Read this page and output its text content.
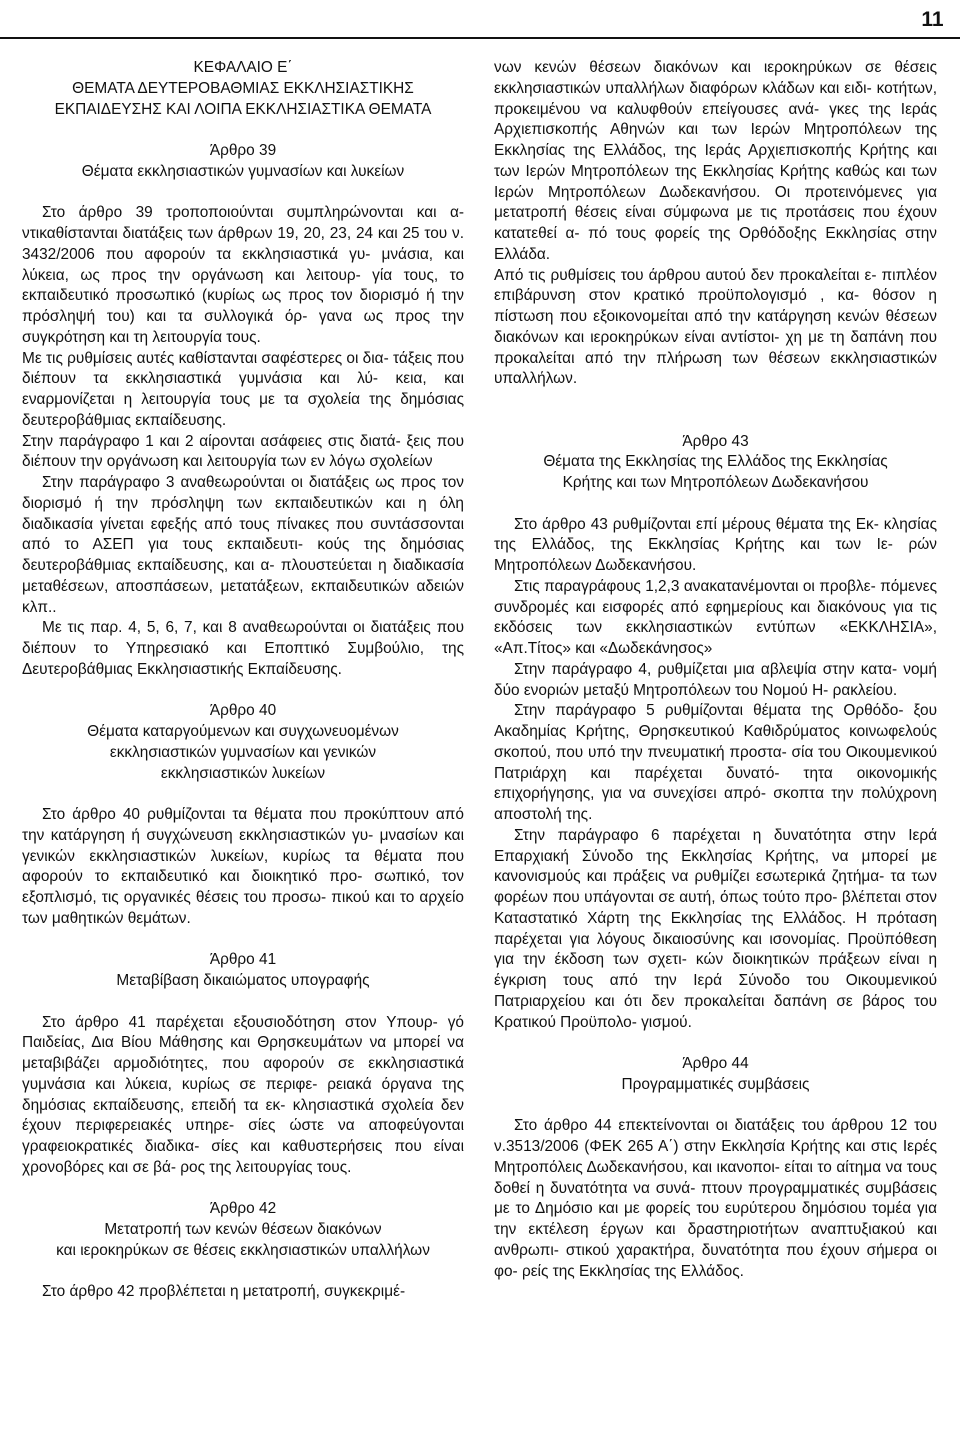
11
ΚΕΦΑΛΑΙΟ Ε΄
ΘΕΜΑΤΑ ΔΕΥΤΕΡΟΒΑΘΜΙΑΣ ΕΚΚΛΗΣΙΑΣΤΙΚΗΣ
ΕΚΠΑΙΔΕΥΣΗΣ ΚΑΙ ΛΟΙΠΑ ΕΚΚΛΗΣΙΑΣΤΙΚΑ ΘΕΜΑΤΑ
Άρθρο 39
Θέματα εκκλησιαστικών γυμνασίων και λυκείων

Στο άρθρο 39 τροποποιούνται συμπληρώνονται και α- ντικαθίστανται διατάξεις των άρθρων 19, 20, 23, 24 και 25 του ν. 3432/2006 που αφορούν τα εκκλησιαστικά γυ- μνάσια, και λύκεια, ως προς την οργάνωση και λειτουρ- γία τους, το εκπαιδευτικό προσωπικό (κυρίως ως προς τον διορισμό ή την πρόσληψή του) και τα συλλογικά όρ- γανα ως προς την συγκρότηση και τη λειτουργία τους.

Με τις ρυθμίσεις αυτές καθίστανται σαφέστερες οι δια- τάξεις που διέπουν τα εκκλησιαστικά γυμνάσια και λύ- κεια, και εναρμονίζεται η λειτουργία τους με τα σχολεία της δημόσιας δευτεροβάθμιας εκπαίδευσης.

Στην παράγραφο 1 και 2 αίρονται ασάφειες στις διατά- ξεις που διέπουν την οργάνωση και λειτουργία των εν λόγω σχολείων

Στην παράγραφο 3 αναθεωρούνται οι διατάξεις ως προς τον διορισμό ή την πρόσληψη των εκπαιδευτικών και η όλη διαδικασία γίνεται εφεξής από τους πίνακες που συντάσσονται από το ΑΣΕΠ για τους εκπαιδευτι- κούς της δημόσιας δευτεροβάθμιας εκπαίδευσης, και α- πλουστεύεται η διαδικασία μεταθέσεων, αποσπάσεων, μετατάξεων, εκπαιδευτικών αδειών κλπ..

Με τις παρ. 4, 5, 6, 7, και 8 αναθεωρούνται οι διατάξεις που διέπουν το Υπηρεσιακό και Εποπτικό Συμβούλιο, της Δευτεροβάθμιας Εκκλησιαστικής Εκπαίδευσης.

Άρθρο 40
Θέματα καταργούμενων και συγχωνευομένων
εκκλησιαστικών γυμνασίων και γενικών
εκκλησιαστικών λυκείων

Στο άρθρο 40 ρυθμίζονται τα θέματα που προκύπτουν από την κατάργηση ή συγχώνευση εκκλησιαστικών γυ- μνασίων και γενικών εκκλησιαστικών λυκείων, κυρίως τα θέματα που αφορούν το εκπαιδευτικό και διοικητικό προ- σωπικό, τον εξοπλισμό, τις οργανικές θέσεις του προσω- πικού και το αρχείο των μαθητικών θεμάτων.

Άρθρο 41
Μεταβίβαση δικαιώματος υπογραφής

Στο άρθρο 41 παρέχεται εξουσιοδότηση στον Υπουρ- γό Παιδείας, Δια Βίου Μάθησης και Θρησκευμάτων να μπορεί να μεταβιβάζει αρμοδιότητες, που αφορούν σε εκκλησιαστικά γυμνάσια και λύκεια, κυρίως σε περιφε- ρειακά όργανα της δημόσιας εκπαίδευσης, επειδή τα εκ- κλησιαστικά σχολεία δεν έχουν περιφερειακές υπηρε- σίες ώστε να αποφεύγονται γραφειοκρατικές διαδικα- σίες και καθυστερήσεις που είναι χρονοβόρες και σε βά- ρος της λειτουργίας τους.

Άρθρο 42
Μετατροπή των κενών θέσεων διακόνων
και ιεροκηρύκων σε θέσεις εκκλησιαστικών υπαλλήλων

Στο άρθρο 42 προβλέπεται η μετατροπή, συγκεκριμέ-

νων κενών θέσεων διακόνων και ιεροκηρύκων σε θέσεις εκκλησιαστικών υπαλλήλων διαφόρων κλάδων και ειδι- κοτήτων, προκειμένου να καλυφθούν επείγουσες ανά- γκες της Ιεράς Αρχιεπισκοπής Αθηνών και των Ιερών Μητροπόλεων της Εκκλησίας της Ελλάδος, της Ιεράς Αρχιεπισκοπής Κρήτης και των Ιερών Μητροπόλεων της Εκκλησίας Κρήτης καθώς και των Ιερών Μητροπόλεων Δωδεκανήσου. Οι προτεινόμενες για μετατροπή θέσεις είναι σύμφωνα με τις προτάσεις που έχουν κατατεθεί α- πό τους φορείς της Ορθόδοξης Εκκλησίας στην Ελλάδα.

Από τις ρυθμίσεις του άρθρου αυτού δεν προκαλείται ε- πιπλέον επιβάρυνση στον κρατικό προϋπολογισμό , κα- θόσον η πίστωση που εξοικονομείται από την κατάργηση κενών θέσεων διακόνων και ιεροκηρύκων είναι αντίστοι- χη με τη δαπάνη που προκαλείται από την πλήρωση των θέσεων εκκλησιαστικών υπαλλήλων.

Άρθρο 43
Θέματα της Εκκλησίας της Ελλάδος της Εκκλησίας
Κρήτης και των Μητροπόλεων Δωδεκανήσου

Στο άρθρο 43 ρυθμίζονται επί μέρους θέματα της Εκ- κλησίας της Ελλάδος, της Εκκλησίας Κρήτης και των Ιε- ρών Μητροπόλεων Δωδεκανήσου.

Στις παραγράφους 1,2,3 ανακατανέμονται οι προβλε- πόμενες συνδρομές και εισφορές από εφημερίους και διακόνους για τις εκδόσεις των εκκλησιαστικών εντύπων «ΕΚΚΛΗΣΙΑ», «Απ.Τίτος» και «Δωδεκάνησος»

Στην παράγραφο 4, ρυθμίζεται μια αβλεψία στην κατα- νομή δύο ενοριών μεταξύ Μητροπόλεων του Νομού Η- ρακλείου.

Στην παράγραφο 5 ρυθμίζονται θέματα της Ορθόδο- ξου Ακαδημίας Κρήτης, Θρησκευτικού Καθιδρύματος κοινωφελούς σκοπού, που υπό την πνευματική προστα- σία του Οικουμενικού Πατριάρχη και παρέχεται δυνατό- τητα οικονομικής επιχορήγησης, για να συνεχίσει απρό- σκοπτα την πολύχρονη αποστολή της.

Στην παράγραφο 6 παρέχεται η δυνατότητα στην Ιερά Επαρχιακή Σύνοδο της Εκκλησίας Κρήτης, να μπορεί με κανονισμούς και πράξεις να ρυθμίζει εσωτερικά ζητήμα- τα των φορέων που υπάγονται σε αυτή, όπως τούτο προ- βλέπεται στον Καταστατικό Χάρτη της Εκκλησίας της Ελλάδος. Η πρόταση παρέχεται για λόγους δικαιοσύνης και ισονομίας. Προϋπόθεση για την έκδοση των σχετι- κών διοικητικών πράξεων είναι η έγκριση τους από την Ιερά Σύνοδο του Οικουμενικού Πατριαρχείου και ότι δεν προκαλείται δαπάνη σε βάρος του Κρατικού Προϋπολο- γισμού.

Άρθρο 44
Προγραμματικές συμβάσεις

Στο άρθρο 44 επεκτείνονται οι διατάξεις του άρθρου 12 του ν.3513/2006 (ΦΕΚ 265 Α΄) στην Εκκλησία Κρήτης και στις Ιερές Μητροπόλεις Δωδεκανήσου, και ικανοποι- είται το αίτημα να τους δοθεί η δυνατότητα να συνά- πτουν προγραμματικές συμβάσεις με το Δημόσιο και με φορείς του ευρύτερου δημόσιου τομέα για την εκτέλεση έργων και δραστηριοτήτων αναπτυξιακού και ανθρωπι- στικού χαρακτήρα, δυνατότητα που έχουν σήμερα οι φο- ρείς της Εκκλησίας της Ελλάδος.
